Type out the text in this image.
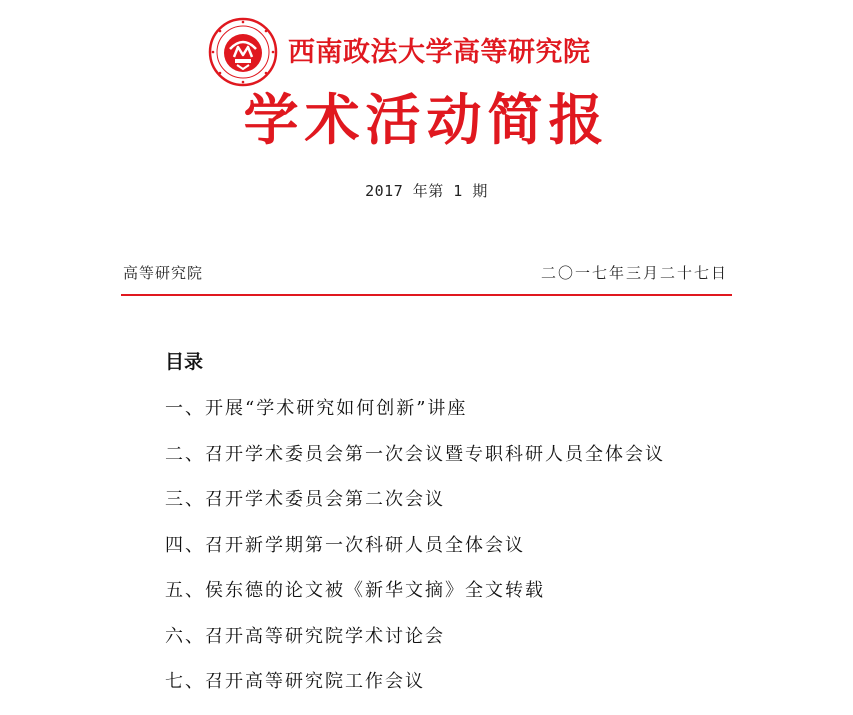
西南政法大学高等研究院
学术活动简报
2017 年第 1 期
高等研究院	二〇一七年三月二十七日
目录
一、开展“学术研究如何创新”讲座
二、召开学术委员会第一次会议暨专职科研人员全体会议
三、召开学术委员会第二次会议
四、召开新学期第一次科研人员全体会议
五、侯东德的论文被《新华文摘》全文转载
六、召开高等研究院学术讨论会
七、召开高等研究院工作会议
